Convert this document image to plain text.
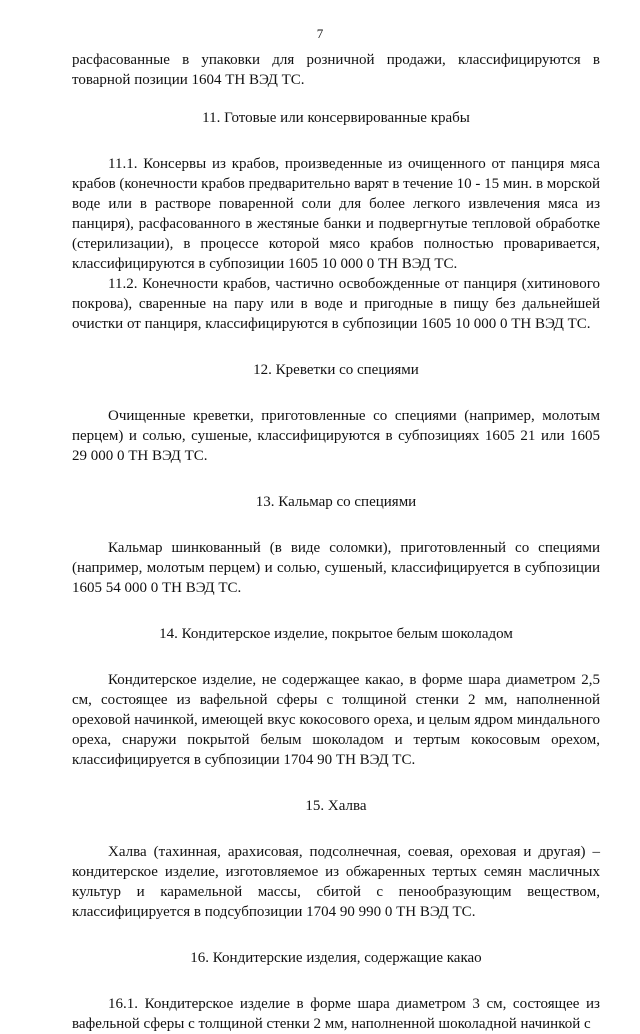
7

расфасованные в упаковки для розничной продажи, классифицируются в товарной позиции 1604 ТН ВЭД ТС.

11. Готовые или консервированные крабы

11.1. Консервы из крабов, произведенные из очищенного от панциря мяса крабов (конечности крабов предварительно варят в течение 10 - 15 мин. в морской воде или в растворе поваренной соли для более легкого извлечения мяса из панциря), расфасованного в жестяные банки и подвергнутые тепловой обработке (стерилизации), в процессе которой мясо крабов полностью проваривается, классифицируются в субпозиции 1605 10 000 0 ТН ВЭД ТС.

11.2. Конечности крабов, частично освобожденные от панциря (хитинового покрова), сваренные на пару или в воде и пригодные в пищу без дальнейшей очистки от панциря, классифицируются в субпозиции 1605 10 000 0 ТН ВЭД ТС.

12. Креветки со специями

Очищенные креветки, приготовленные со специями (например, молотым перцем) и солью, сушеные, классифицируются в субпозициях 1605 21 или 1605 29 000 0 ТН ВЭД ТС.

13. Кальмар со специями

Кальмар шинкованный (в виде соломки), приготовленный со специями (например, молотым перцем) и солью, сушеный, классифицируется в субпозиции 1605 54 000 0 ТН ВЭД ТС.

14. Кондитерское изделие, покрытое белым шоколадом

Кондитерское изделие, не содержащее какао, в форме шара диаметром 2,5 см, состоящее из вафельной сферы с толщиной стенки 2 мм, наполненной ореховой начинкой, имеющей вкус кокосового ореха, и целым ядром миндального ореха, снаружи покрытой белым шоколадом и тертым кокосовым орехом, классифицируется в субпозиции 1704 90 ТН ВЭД ТС.

15. Халва

Халва (тахинная, арахисовая, подсолнечная, соевая, ореховая и другая) – кондитерское изделие, изготовляемое из обжаренных тертых семян масличных культур и карамельной массы, сбитой с пенообразующим веществом, классифицируется в подсубпозиции 1704 90 990 0 ТН ВЭД ТС.

16. Кондитерские изделия, содержащие какао

16.1. Кондитерское изделие в форме шара диаметром 3 см, состоящее из вафельной сферы с толщиной стенки 2 мм, наполненной шоколадной начинкой с
